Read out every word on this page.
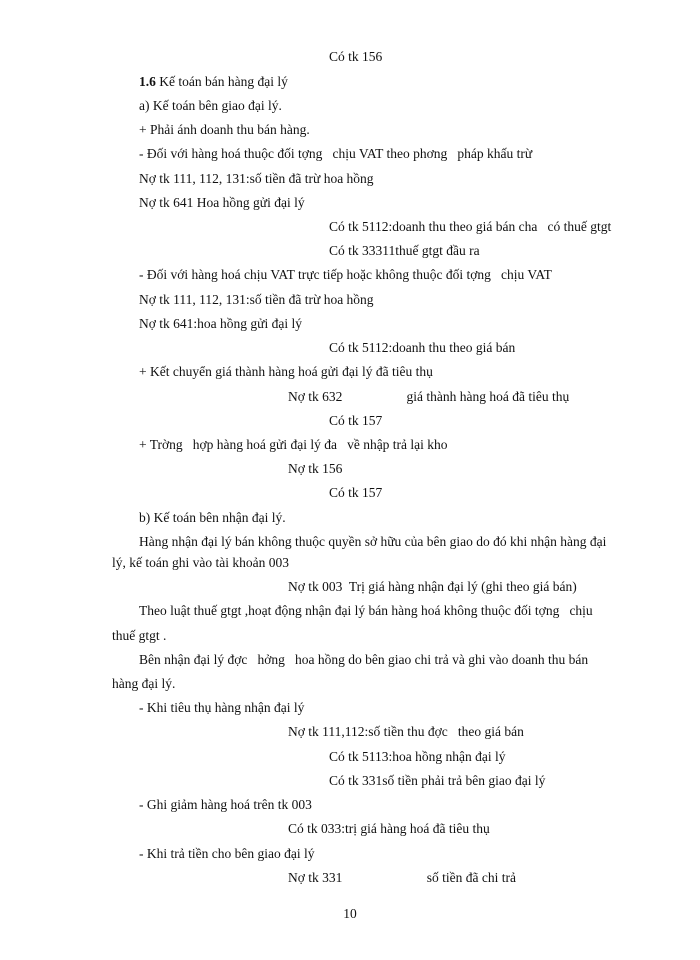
Có tk 156
1.6 Kế toán bán hàng đại lý
a) Kế toán bên giao đại lý.
+ Phải ánh doanh thu bán hàng.
- Đối với hàng hoá thuộc đối tợng   chịu VAT theo phơng   pháp khấu trừ
Nợ tk 111, 112, 131:số tiền đã trừ hoa hồng
Nợ tk 641 Hoa hồng gửi đại lý
Có tk 5112:doanh thu theo giá bán cha   có thuế gtgt
Có tk 33311thuế gtgt đầu ra
- Đối với hàng hoá chịu VAT trực tiếp hoặc không thuộc đối tợng   chịu VAT
Nợ tk 111, 112, 131:số tiền đã trừ hoa hồng
Nợ tk 641:hoa hồng gửi đại lý
Có tk 5112:doanh thu theo giá bán
+ Kết chuyển giá thành hàng hoá gửi đại lý đã tiêu thụ
Nợ tk 632                   giá thành hàng hoá đã tiêu thụ
Có tk 157
+ Trờng   hợp hàng hoá gửi đại lý đa   về nhập trả lại kho
Nợ tk 156
Có tk 157
b) Kế toán bên nhận đại lý.
Hàng nhận đại lý bán không thuộc quyền sở hữu của bên giao do đó khi nhận hàng đại
lý, kế toán ghi vào tài khoản 003
Nợ tk 003  Trị giá hàng nhận đại lý (ghi theo giá bán)
Theo luật thuế gtgt ,hoạt động nhận đại lý bán hàng hoá không thuộc đối tợng   chịu
thuế gtgt .
Bên nhận đại lý đợc   hởng   hoa hồng do bên giao chi trả và ghi vào doanh thu bán
hàng đại lý.
- Khi tiêu thụ hàng nhận đại lý
Nợ tk 111,112:số tiền thu đợc   theo giá bán
Có tk 5113:hoa hồng nhận đại lý
Có tk 331số tiền phải trả bên giao đại lý
- Ghi giảm hàng hoá trên tk 003
Có tk 033:trị giá hàng hoá đã tiêu thụ
- Khi trả tiền cho bên giao đại lý
Nợ tk 331                         số tiền đã chi trả
10
